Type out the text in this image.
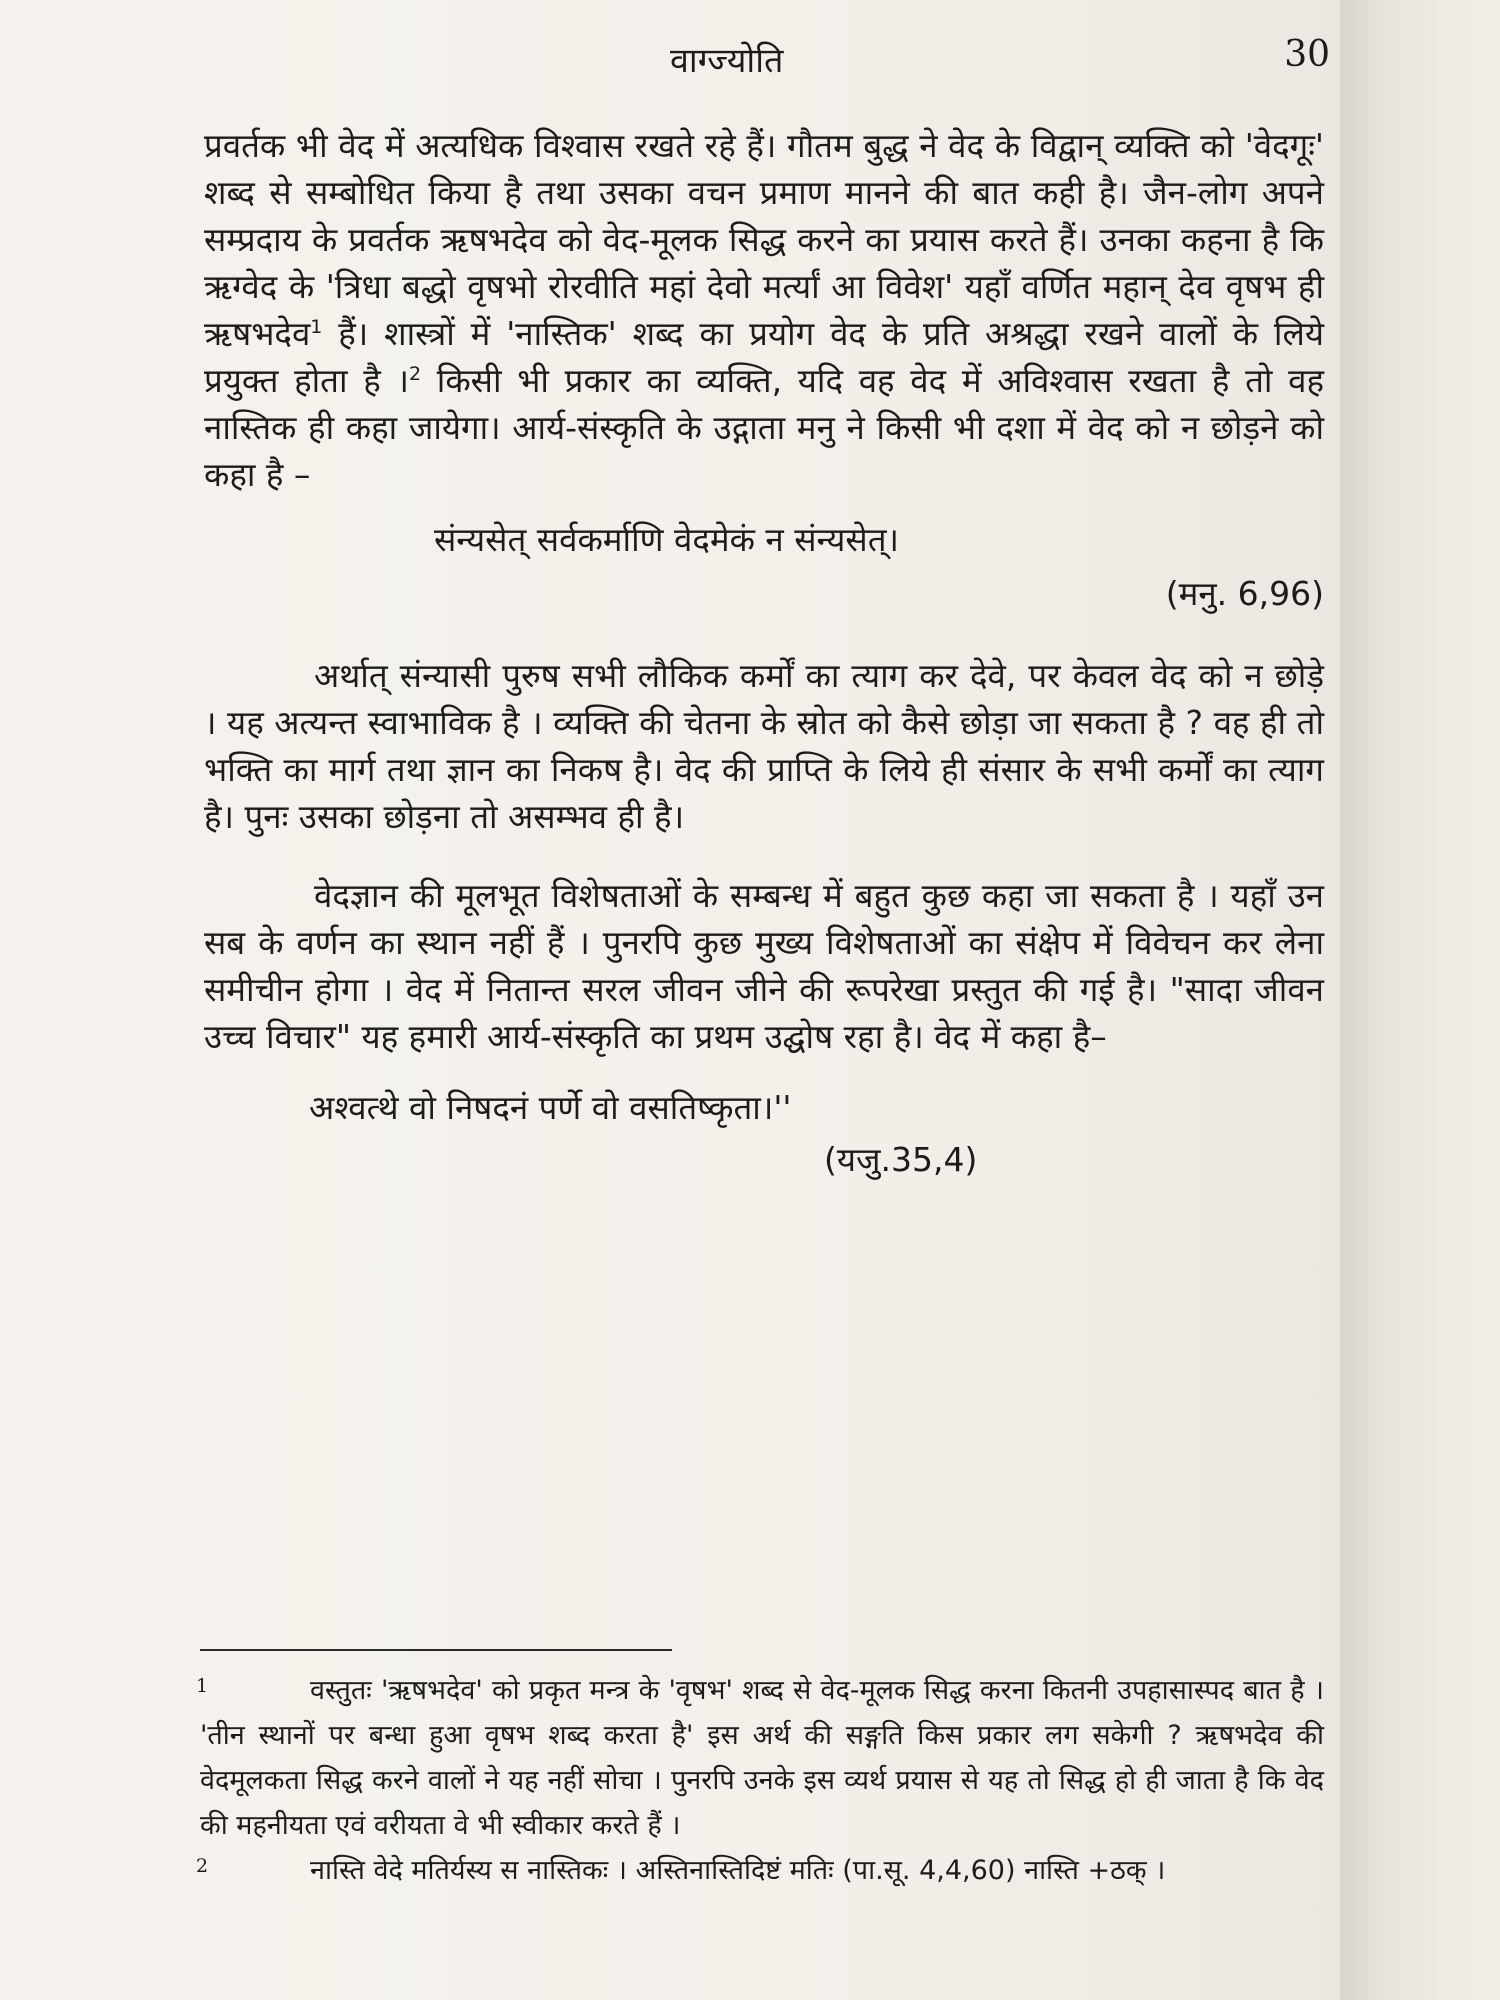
वाग्ज्योति	30

प्रवर्तक भी वेद में अत्यधिक विश्वास रखते रहे हैं। गौतम बुद्ध ने वेद के विद्वान् व्यक्ति को 'वेदगूः' शब्द से सम्बोधित किया है तथा उसका वचन प्रमाण मानने की बात कही है। जैन-लोग अपने सम्प्रदाय के प्रवर्तक ऋषभदेव को वेद-मूलक सिद्ध करने का प्रयास करते हैं। उनका कहना है कि ऋग्वेद के 'त्रिधा बद्धो वृषभो रोरवीति महां देवो मर्त्यां आ विवेश' यहाँ वर्णित महान् देव वृषभ ही ऋषभदेव$^1$ हैं। शास्त्रों में 'नास्तिक' शब्द का प्रयोग वेद के प्रति अश्रद्धा रखने वालों के लिये प्रयुक्त होता है ।$^2$ किसी भी प्रकार का व्यक्ति, यदि वह वेद में अविश्वास रखता है तो वह नास्तिक ही कहा जायेगा। आर्य-संस्कृति के उद्गाता मनु ने किसी भी दशा में वेद को न छोड़ने को कहा है –

संन्यसेत् सर्वकर्माणि वेदमेकं न संन्यसेत्।

(मनु. 6,96)

अर्थात् संन्यासी पुरुष सभी लौकिक कर्मों का त्याग कर देवे, पर केवल वेद को न छोड़े । यह अत्यन्त स्वाभाविक है । व्यक्ति की चेतना के स्रोत को कैसे छोड़ा जा सकता है ? वह ही तो भक्ति का मार्ग तथा ज्ञान का निकष है। वेद की प्राप्ति के लिये ही संसार के सभी कर्मों का त्याग है। पुनः उसका छोड़ना तो असम्भव ही है।

वेदज्ञान की मूलभूत विशेषताओं के सम्बन्ध में बहुत कुछ कहा जा सकता है । यहाँ उन सब के वर्णन का स्थान नहीं हैं । पुनरपि कुछ मुख्य विशेषताओं का संक्षेप में विवेचन कर लेना समीचीन होगा । वेद में नितान्त सरल जीवन जीने की रूपरेखा प्रस्तुत की गई है। "सादा जीवन उच्च विचार" यह हमारी आर्य-संस्कृति का प्रथम उद्घोष रहा है। वेद में कहा है–

अश्वत्थे वो निषदनं पर्णे वो वसतिष्कृता।''

(यजु.35,4)

1	वस्तुतः 'ऋषभदेव' को प्रकृत मन्त्र के 'वृषभ' शब्द से वेद-मूलक सिद्ध करना कितनी उपहासास्पद बात है । 'तीन स्थानों पर बन्धा हुआ वृषभ शब्द करता है' इस अर्थ की सङ्गति किस प्रकार लग सकेगी ? ऋषभदेव की वेदमूलकता सिद्ध करने वालों ने यह नहीं सोचा । पुनरपि उनके इस व्यर्थ प्रयास से यह तो सिद्ध हो ही जाता है कि वेद की महनीयता एवं वरीयता वे भी स्वीकार करते हैं ।

2	नास्ति वेदे मतिर्यस्य स नास्तिकः । अस्तिनास्तिदिष्टं मतिः (पा.सू. 4,4,60) नास्ति +ठक् ।
